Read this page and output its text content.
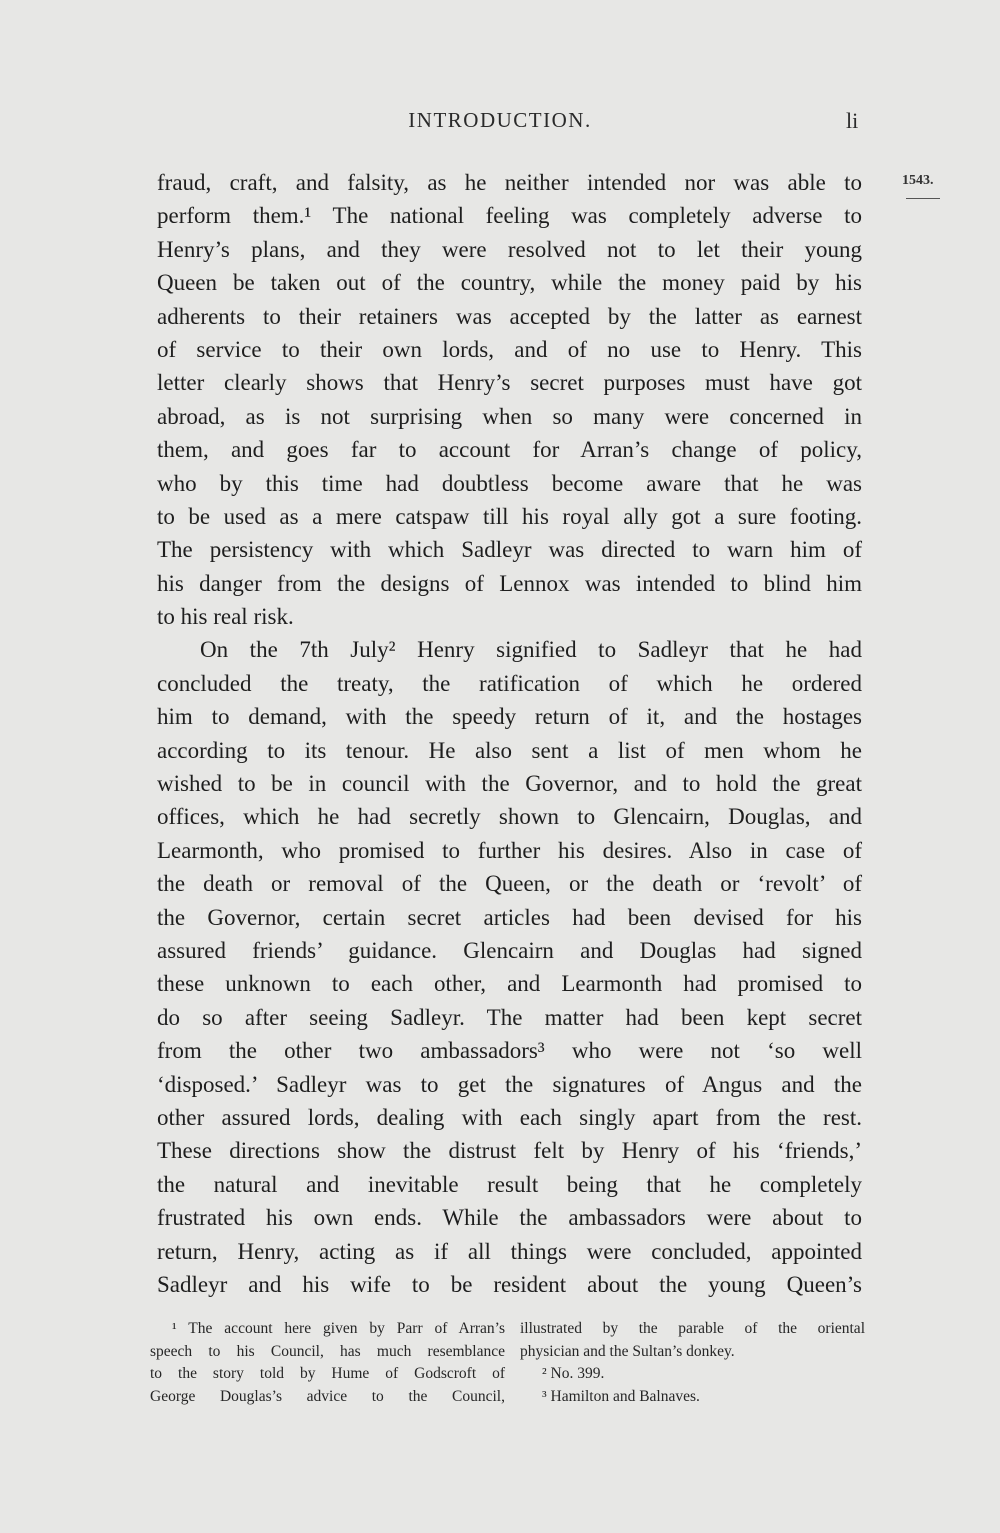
INTRODUCTION.	li
1543.
fraud, craft, and falsity, as he neither intended nor was able to
perform them.¹ The national feeling was completely adverse to
Henry’s plans, and they were resolved not to let their young
Queen be taken out of the country, while the money paid by his
adherents to their retainers was accepted by the latter as earnest
of service to their own lords, and of no use to Henry. This
letter clearly shows that Henry’s secret purposes must have got
abroad, as is not surprising when so many were concerned in
them, and goes far to account for Arran’s change of policy,
who by this time had doubtless become aware that he was
to be used as a mere catspaw till his royal ally got a sure footing.
The persistency with which Sadleyr was directed to warn him of
his danger from the designs of Lennox was intended to blind him
to his real risk.
On the 7th July² Henry signified to Sadleyr that he had
concluded the treaty, the ratification of which he ordered
him to demand, with the speedy return of it, and the hostages
according to its tenour. He also sent a list of men whom he
wished to be in council with the Governor, and to hold the great
offices, which he had secretly shown to Glencairn, Douglas, and
Learmonth, who promised to further his desires. Also in case of
the death or removal of the Queen, or the death or ‘revolt’ of
the Governor, certain secret articles had been devised for his
assured friends’ guidance. Glencairn and Douglas had signed
these unknown to each other, and Learmonth had promised to
do so after seeing Sadleyr. The matter had been kept secret
from the other two ambassadors³ who were not ‘so well
‘disposed.’ Sadleyr was to get the signatures of Angus and the
other assured lords, dealing with each singly apart from the rest.
These directions show the distrust felt by Henry of his ‘friends,’
the natural and inevitable result being that he completely
frustrated his own ends. While the ambassadors were about to
return, Henry, acting as if all things were concluded, appointed
Sadleyr and his wife to be resident about the young Queen’s
¹ The account here given by Parr of Arran’s
speech to his Council, has much resemblance
to the story told by Hume of Godscroft of
George Douglas’s advice to the Council,
illustrated by the parable of the oriental
physician and the Sultan’s donkey.
² No. 399.
³ Hamilton and Balnaves.
